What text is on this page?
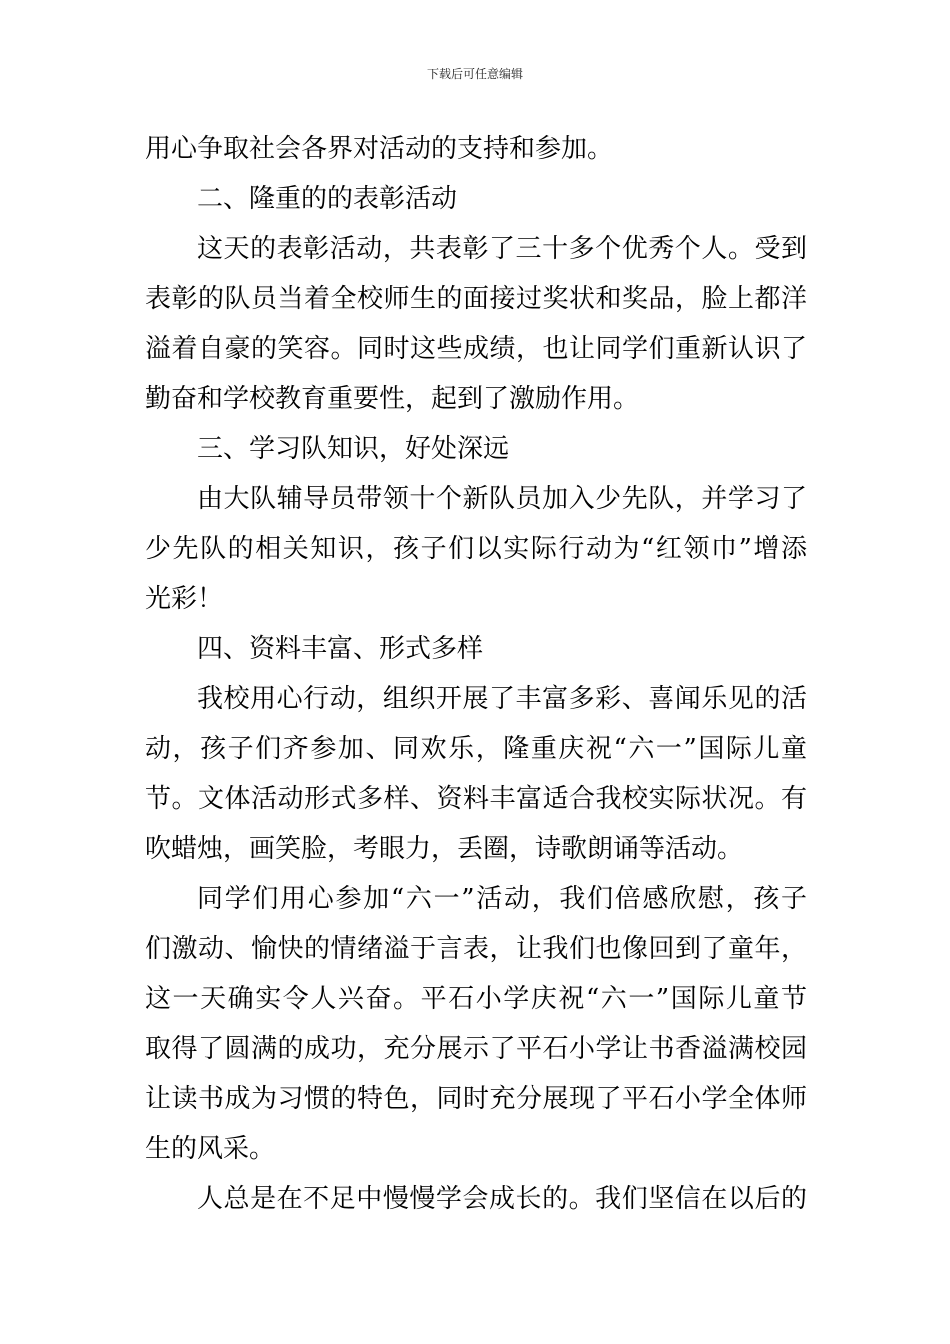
下载后可任意编辑
用心争取社会各界对活动的支持和参加。
二、隆重的的表彰活动
这天的表彰活动，共表彰了三十多个优秀个人。受到
表彰的队员当着全校师生的面接过奖状和奖品，脸上都洋
溢着自豪的笑容。同时这些成绩，也让同学们重新认识了
勤奋和学校教育重要性，起到了激励作用。
三、学习队知识，好处深远
由大队辅导员带领十个新队员加入少先队，并学习了
少先队的相关知识，孩子们以实际行动为“红领巾”增添
光彩！
四、资料丰富、形式多样
我校用心行动，组织开展了丰富多彩、喜闻乐见的活
动，孩子们齐参加、同欢乐，隆重庆祝“六一”国际儿童
节。文体活动形式多样、资料丰富适合我校实际状况。有
吹蜡烛，画笑脸，考眼力，丢圈，诗歌朗诵等活动。
同学们用心参加“六一”活动，我们倍感欣慰，孩子
们激动、愉快的情绪溢于言表，让我们也像回到了童年，
这一天确实令人兴奋。平石小学庆祝“六一”国际儿童节
取得了圆满的成功，充分展示了平石小学让书香溢满校园
让读书成为习惯的特色，同时充分展现了平石小学全体师
生的风采。
人总是在不足中慢慢学会成长的。我们坚信在以后的
